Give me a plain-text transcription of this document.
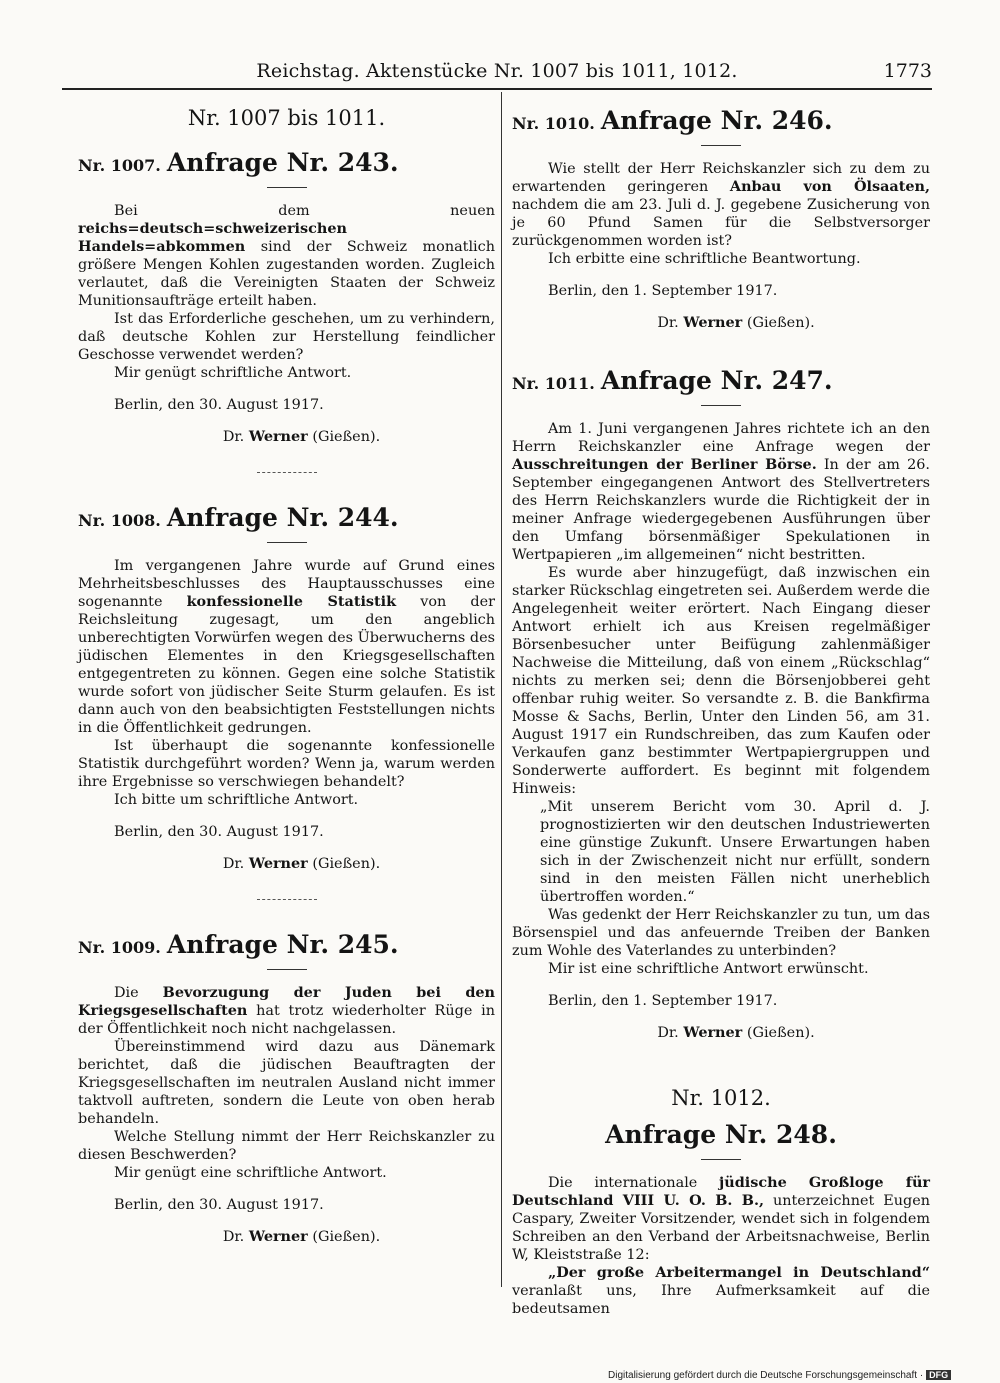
Reichstag. Aktenstücke Nr. 1007 bis 1011, 1012.	1773
Nr. 1007 bis 1011.
Nr. 1007. Anfrage Nr. 243.

Bei dem neuen reichs=deutsch=schweizerischen Handels=abkommen sind der Schweiz monatlich größere Mengen Kohlen zugestanden worden. Zugleich verlautet, daß die Vereinigten Staaten der Schweiz Munitionsaufträge erteilt haben.

Ist das Erforderliche geschehen, um zu verhindern, daß deutsche Kohlen zur Herstellung feindlicher Geschosse verwendet werden?

Mir genügt schriftliche Antwort.

Berlin, den 30. August 1917.
Dr. Werner (Gießen).
Nr. 1008. Anfrage Nr. 244.

Im vergangenen Jahre wurde auf Grund eines Mehrheitsbeschlusses des Hauptausschusses eine sogenannte konfessionelle Statistik von der Reichsleitung zugesagt, um den angeblich unberechtigten Vorwürfen wegen des Überwucherns des jüdischen Elementes in den Kriegsgesellschaften entgegentreten zu können. Gegen eine solche Statistik wurde sofort von jüdischer Seite Sturm gelaufen. Es ist dann auch von den beabsichtigten Feststellungen nichts in die Öffentlichkeit gedrungen.

Ist überhaupt die sogenannte konfessionelle Statistik durchgeführt worden? Wenn ja, warum werden ihre Ergebnisse so verschwiegen behandelt?

Ich bitte um schriftliche Antwort.

Berlin, den 30. August 1917.
Dr. Werner (Gießen).
Nr. 1009. Anfrage Nr. 245.

Die Bevorzugung der Juden bei den Kriegsgesellschaften hat trotz wiederholter Rüge in der Öffentlichkeit noch nicht nachgelassen.

Übereinstimmend wird dazu aus Dänemark berichtet, daß die jüdischen Beauftragten der Kriegsgesellschaften im neutralen Ausland nicht immer taktvoll auftreten, sondern die Leute von oben herab behandeln.

Welche Stellung nimmt der Herr Reichskanzler zu diesen Beschwerden?

Mir genügt eine schriftliche Antwort.

Berlin, den 30. August 1917.
Dr. Werner (Gießen).
Nr. 1010. Anfrage Nr. 246.

Wie stellt der Herr Reichskanzler sich zu dem zu erwartenden geringeren Anbau von Ölsaaten, nachdem die am 23. Juli d. J. gegebene Zusicherung von je 60 Pfund Samen für die Selbstversorger zurückgenommen worden ist?

Ich erbitte eine schriftliche Beantwortung.

Berlin, den 1. September 1917.
Dr. Werner (Gießen).
Nr. 1011. Anfrage Nr. 247.

Am 1. Juni vergangenen Jahres richtete ich an den Herrn Reichskanzler eine Anfrage wegen der Ausschreitungen der Berliner Börse. In der am 26. September eingegangenen Antwort des Stellvertreters des Herrn Reichskanzlers wurde die Richtigkeit der in meiner Anfrage wiedergegebenen Ausführungen über den Umfang börsenmäßiger Spekulationen in Wertpapieren „im allgemeinen“ nicht bestritten.

Es wurde aber hinzugefügt, daß inzwischen ein starker Rückschlag eingetreten sei. Außerdem werde die Angelegenheit weiter erörtert. Nach Eingang dieser Antwort erhielt ich aus Kreisen regelmäßiger Börsenbesucher unter Beifügung zahlenmäßiger Nachweise die Mitteilung, daß von einem „Rückschlag“ nichts zu merken sei; denn die Börsenjobberei geht offenbar ruhig weiter. So versandte z. B. die Bankfirma Mosse & Sachs, Berlin, Unter den Linden 56, am 31. August 1917 ein Rundschreiben, das zum Kaufen oder Verkaufen ganz bestimmter Wertpapiergruppen und Sonderwerte auffordert. Es beginnt mit folgendem Hinweis:

„Mit unserem Bericht vom 30. April d. J. prognostizierten wir den deutschen Industriewerten eine günstige Zukunft. Unsere Erwartungen haben sich in der Zwischenzeit nicht nur erfüllt, sondern sind in den meisten Fällen nicht unerheblich übertroffen worden.“

Was gedenkt der Herr Reichskanzler zu tun, um das Börsenspiel und das anfeuernde Treiben der Banken zum Wohle des Vaterlandes zu unterbinden?

Mir ist eine schriftliche Antwort erwünscht.

Berlin, den 1. September 1917.
Dr. Werner (Gießen).
Nr. 1012.
Anfrage Nr. 248.

Die internationale jüdische Großloge für Deutschland VIII U. O. B. B., unterzeichnet Eugen Caspary, Zweiter Vorsitzender, wendet sich in folgendem Schreiben an den Verband der Arbeitsnachweise, Berlin W, Kleiststraße 12:

„Der große Arbeitermangel in Deutschland“ veranlaßt uns, Ihre Aufmerksamkeit auf die bedeutsamen

Digitalisierung gefördert durch die Deutsche Forschungsgemeinschaft · DFG
